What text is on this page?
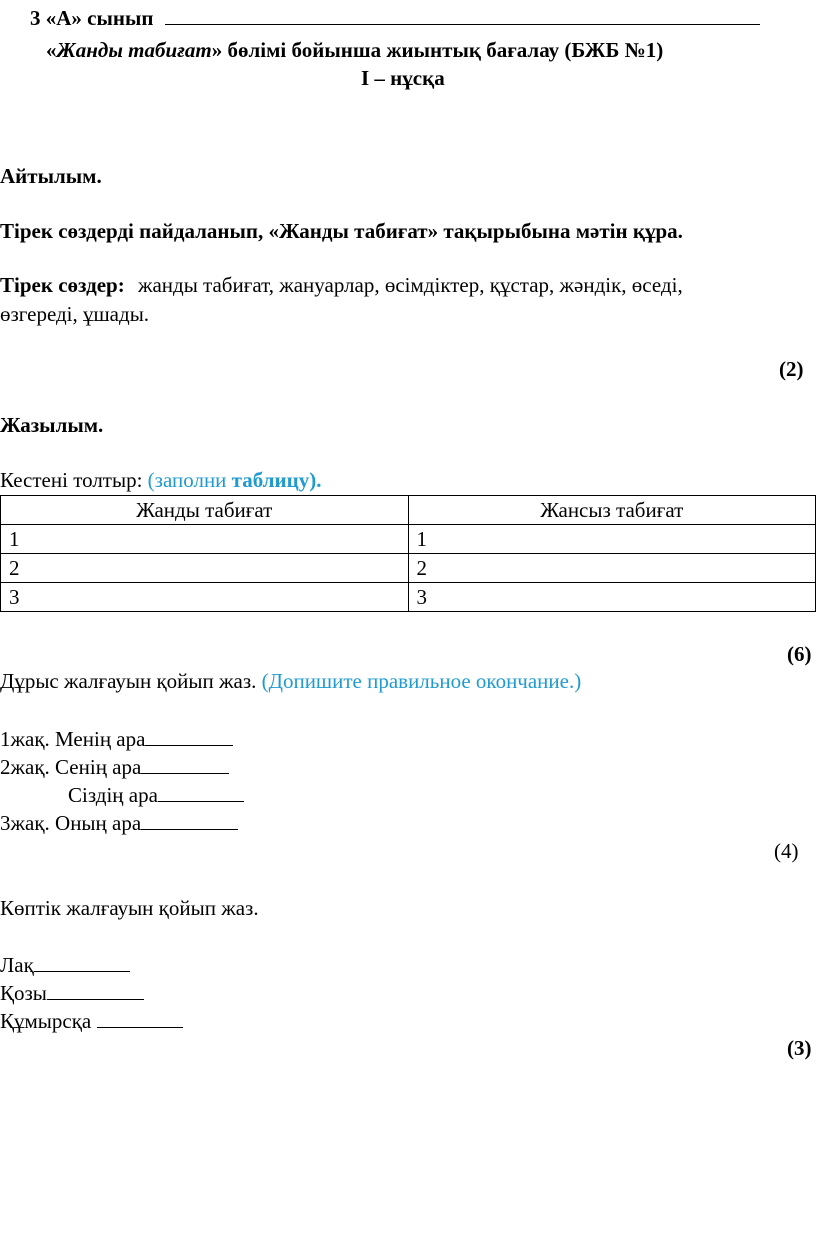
3 «А» сынып
«Жанды табиғат» бөлімі бойынша жиынтық бағалау (БЖБ №1)
І – нұсқа
Айтылым.
Тірек сөздерді пайдаланып, «Жанды табиғат» тақырыбына мәтін құра.
Тірек сөздер: жанды табиғат, жануарлар, өсімдіктер, құстар, жәндік, өседі,
өзгереді, ұшады.
(2)
Жазылым.
Кестені толтыр: (заполни таблицу).
Жанды табиғат	Жансыз табиғат
1	1
2	2
3	3
(6)
Дұрыс жалғауын қойып жаз. (Допишите правильное окончание.)
1жақ. Менің ара
2жақ. Сенің ара
Сіздің ара
3жақ. Оның ара
(4)
Көптік жалғауын қойып жаз.
Лақ
Қозы
Құмырсқа
(3)
